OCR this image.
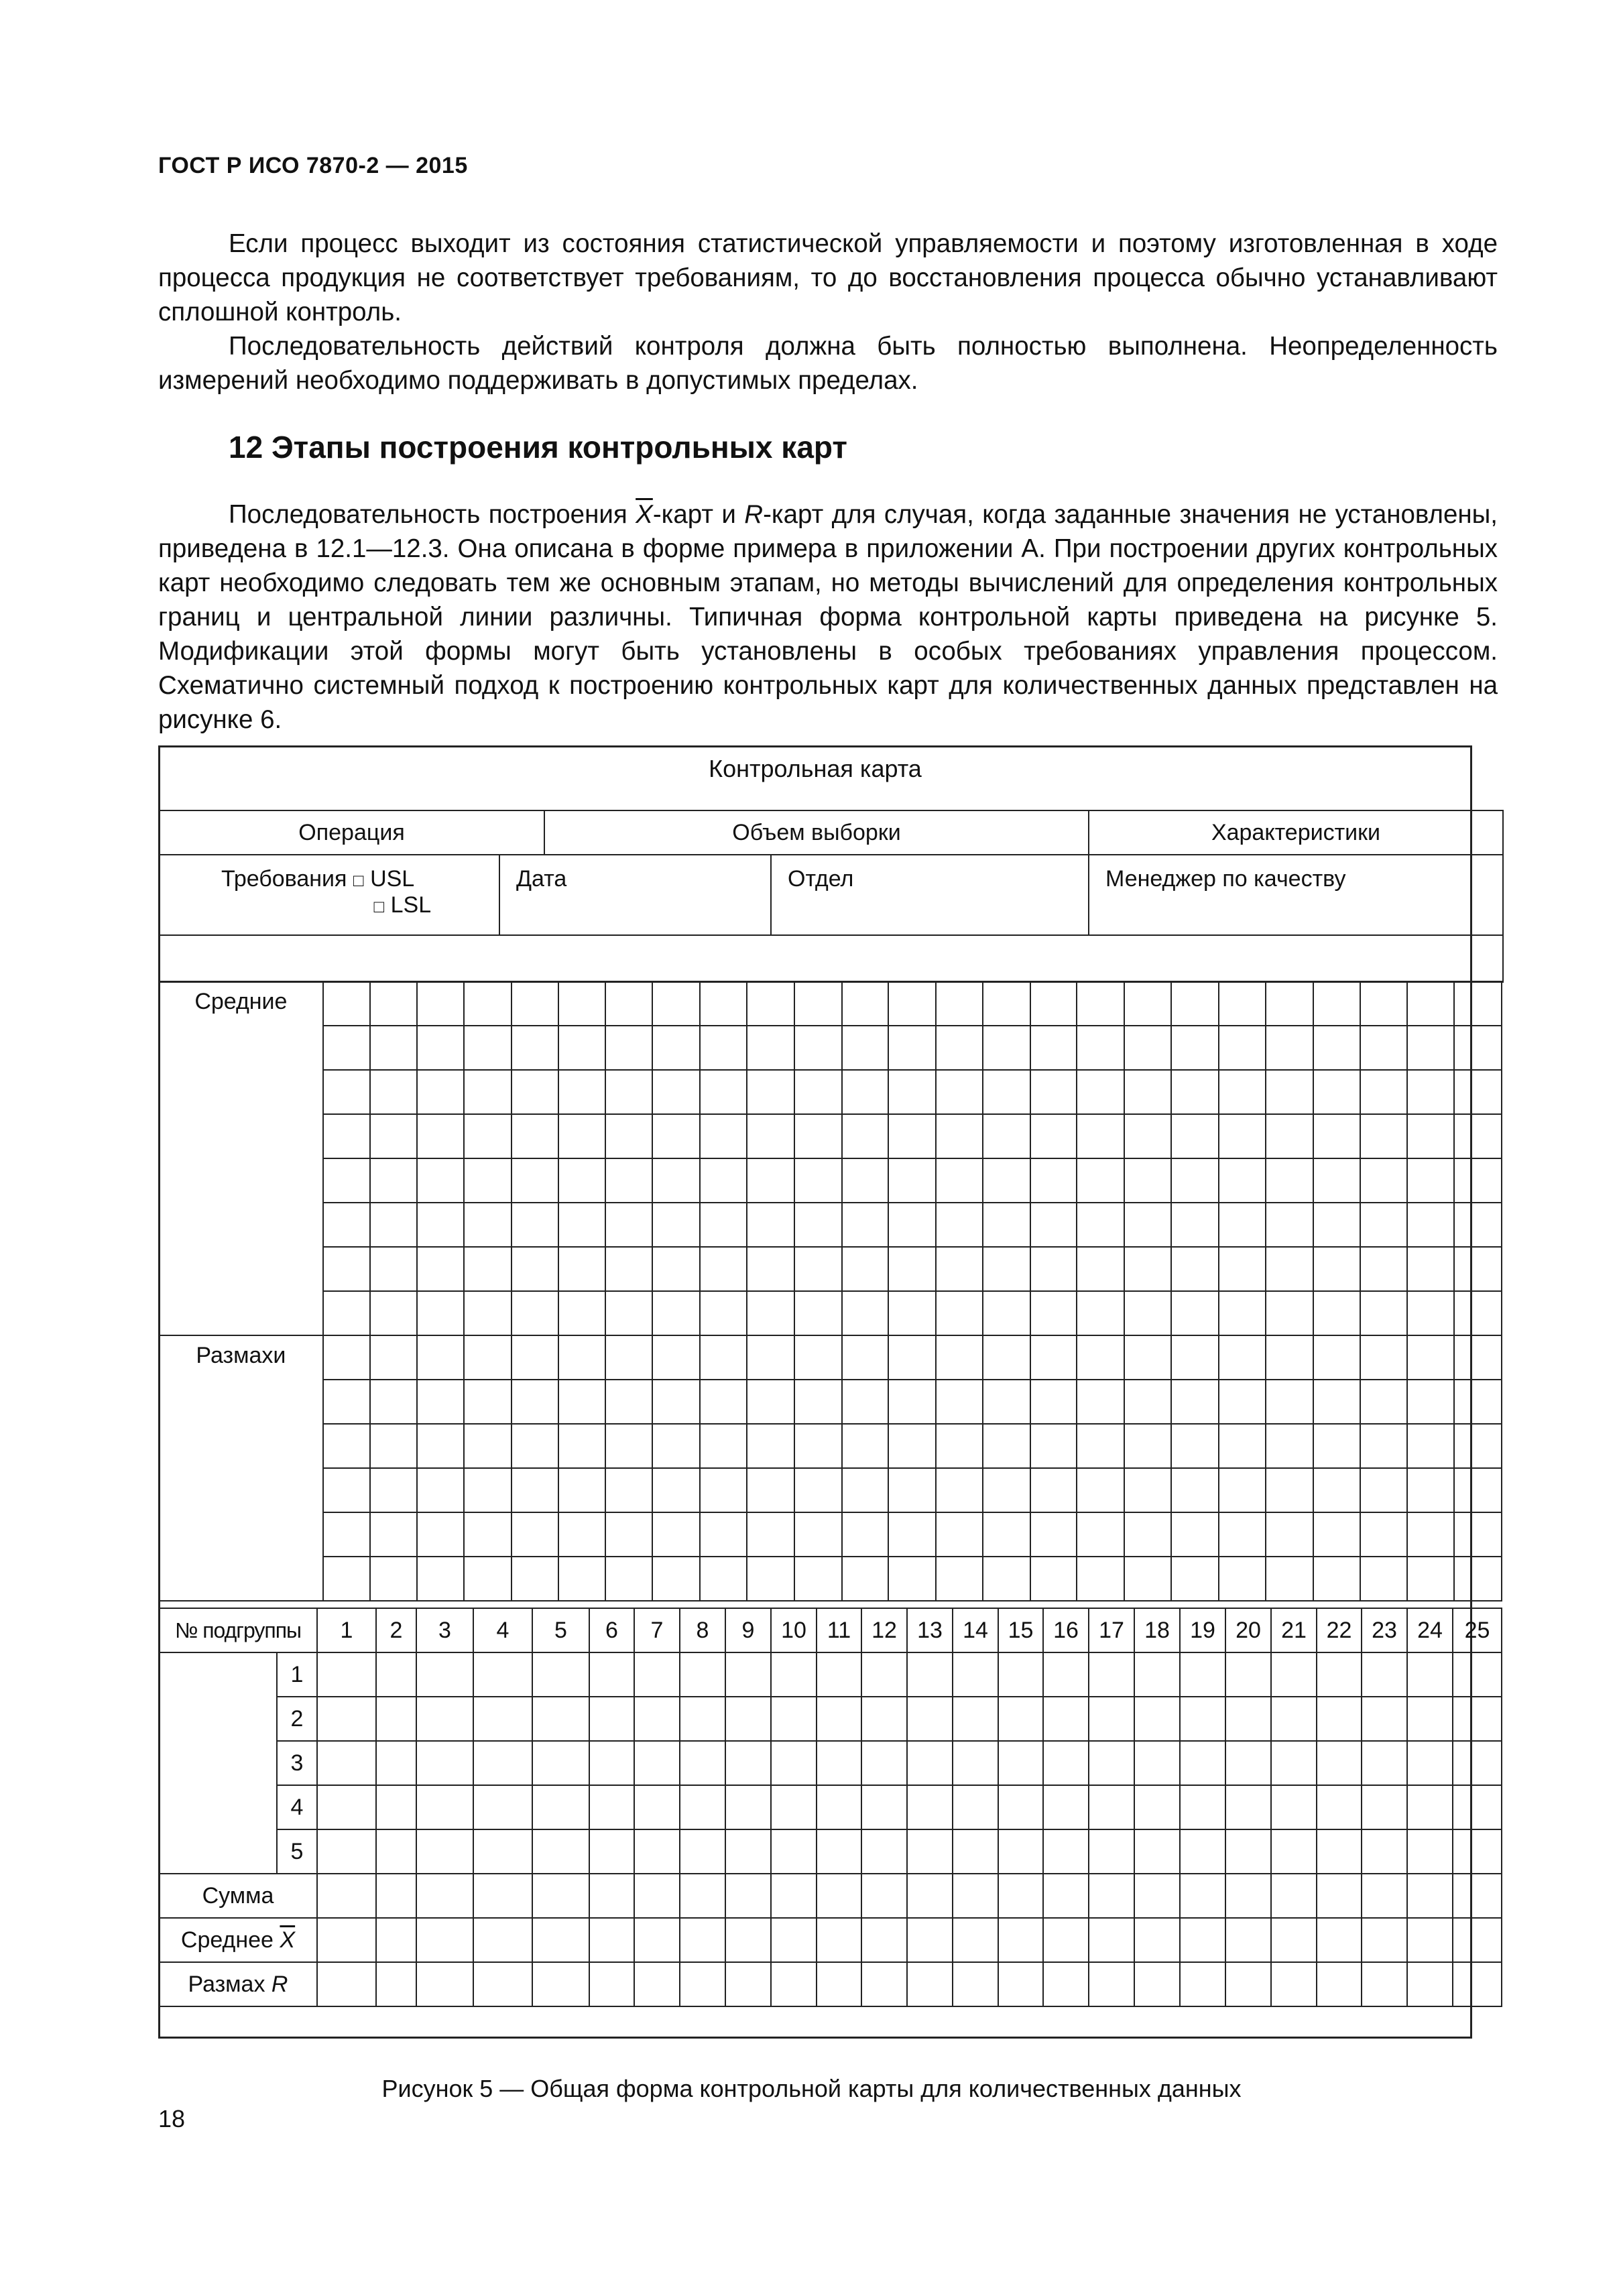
ГОСТ Р ИСО 7870-2 — 2015

Если процесс выходит из состояния статистической управляемости и поэтому изготовленная в ходе процесса продукция не соответствует требованиям, то до восстановления процесса обычно устанавливают сплошной контроль.

Последовательность действий контроля должна быть полностью выполнена. Неопределенность измерений необходимо поддерживать в допустимых пределах.

12 Этапы построения контрольных карт

Последовательность построения $\overline{X}$-карт и R-карт для случая, когда заданные значения не установлены, приведена в 12.1—12.3. Она описана в форме примера в приложении А. При построении других контрольных карт необходимо следовать тем же основным этапам, но методы вычислений для определения контрольных границ и центральной линии различны. Типичная форма контрольной карты приведена на рисунке 5. Модификации этой формы могут быть установлены в особых требованиях управления процессом. Схематично системный подход к построению контрольных карт для количественных данных представлен на рисунке 6.

Контрольная карта
Операция		Объем выборки		Характеристики

Требования □ USL
□ LSL	Дата		Отдел	Менеджер по качеству

Средние																									

Размахи																									

№ подгруппы		1	2	3	4	5	6	7	8	9	10	11	12	13	14	15	16	17	18	19	20	21	22	23	24	25
	1																									
	2																									
	3																									
	4																									
	5																									
Сумма																										
Среднее $\overline{X}$																									
Размах R																										
Рисунок 5 — Общая форма контрольной карты для количественных данных
18
